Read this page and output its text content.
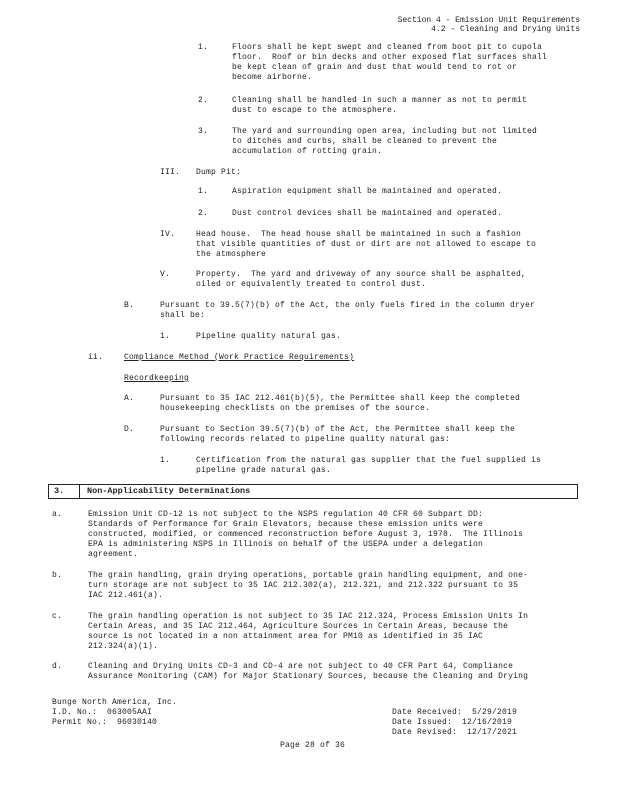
Section 4 - Emission Unit Requirements
4.2 - Cleaning and Drying Units
1.	Floors shall be kept swept and cleaned from boot pit to cupola
floor.  Roof or bin decks and other exposed flat surfaces shall
be kept clean of grain and dust that would tend to rot or
become airborne.
2.	Cleaning shall be handled in such a manner as not to permit
dust to escape to the atmosphere.
3.	The yard and surrounding open area, including but not limited
to ditches and curbs, shall be cleaned to prevent the
accumulation of rotting grain.
III. Dump Pit:
1.	Aspiration equipment shall be maintained and operated.
2.	Dust control devices shall be maintained and operated.
IV.	Head house.  The head house shall be maintained in such a fashion
that visible quantities of dust or dirt are not allowed to escape to
the atmosphere
V.	Property.  The yard and driveway of any source shall be asphalted,
oiled or equivalently treated to control dust.
B.	Pursuant to 39.5(7)(b) of the Act, the only fuels fired in the column dryer
shall be:
1.	Pipeline quality natural gas.
ii.	Compliance Method (Work Practice Requirements)
Recordkeeping
A.	Pursuant to 35 IAC 212.461(b)(5), the Permittee shall keep the completed
housekeeping checklists on the premises of the source.
D.	Pursuant to Section 39.5(7)(b) of the Act, the Permittee shall keep the
following records related to pipeline quality natural gas:
1.	Certification from the natural gas supplier that the fuel supplied is
pipeline grade natural gas.
3.	Non-Applicability Determinations
a.	Emission Unit CD-12 is not subject to the NSPS regulation 40 CFR 60 Subpart DD:
Standards of Performance for Grain Elevators, because these emission units were
constructed, modified, or commenced reconstruction before August 3, 1978.  The Illinois
EPA is administering NSPS in Illinois on behalf of the USEPA under a delegation
agreement.
b.	The grain handling, grain drying operations, portable grain handling equipment, and one-
turn storage are not subject to 35 IAC 212.302(a), 212.321, and 212.322 pursuant to 35
IAC 212.461(a).
c.	The grain handling operation is not subject to 35 IAC 212.324, Process Emission Units In
Certain Areas, and 35 IAC 212.464, Agriculture Sources in Certain Areas, because the
source is not located in a non attainment area for PM10 as identified in 35 IAC
212.324(a)(1).
d.	Cleaning and Drying Units CD-3 and CD-4 are not subject to 40 CFR Part 64, Compliance
Assurance Monitoring (CAM) for Major Stationary Sources, because the Cleaning and Drying
Bunge North America, Inc.
I.D. No.:  063005AAI
Permit No.:  96030140
Date Received:  5/29/2019
Date Issued:  12/16/2019
Date Revised:  12/17/2021
Page 28 of 36
